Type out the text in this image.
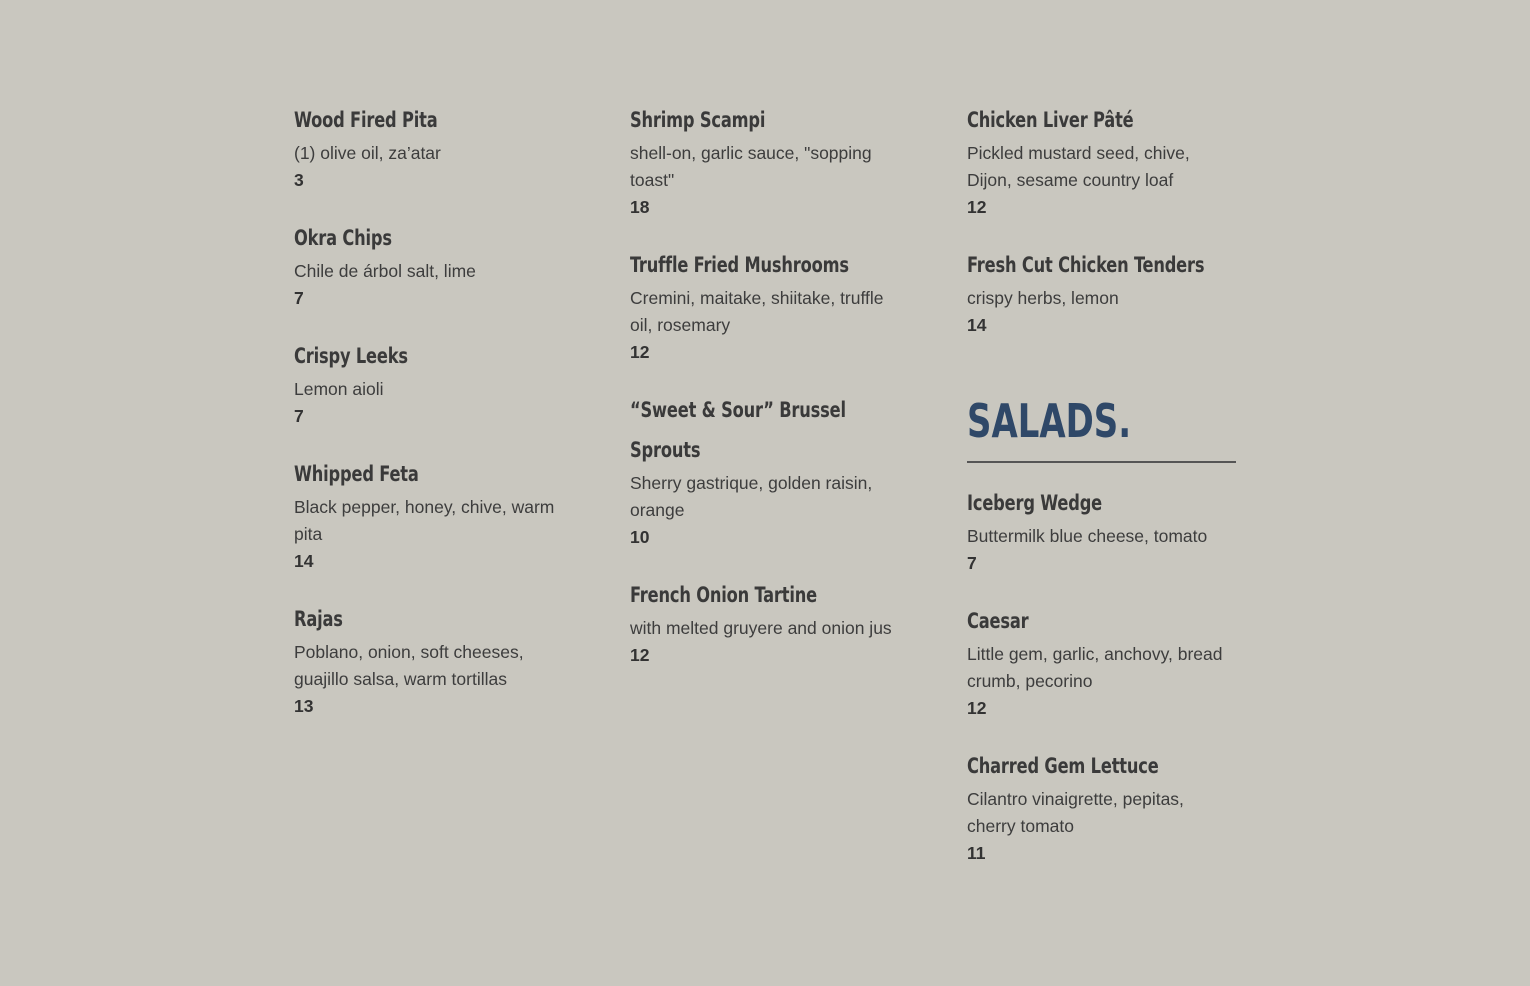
Wood Fired Pita
(1) olive oil, za’atar
3
Okra Chips
Chile de árbol salt, lime
7
Crispy Leeks
Lemon aioli
7
Whipped Feta
Black pepper, honey, chive, warm pita
14
Rajas
Poblano, onion, soft cheeses, guajillo salsa, warm tortillas
13
Shrimp Scampi
shell-on, garlic sauce, "sopping toast"
18
Truffle Fried Mushrooms
Cremini, maitake, shiitake, truffle oil, rosemary
12
“Sweet & Sour” Brussel Sprouts
Sherry gastrique, golden raisin, orange
10
French Onion Tartine
with melted gruyere and onion jus
12
Chicken Liver Pâté
Pickled mustard seed, chive, Dijon, sesame country loaf
12
Fresh Cut Chicken Tenders
crispy herbs, lemon
14
SALADS.
Iceberg Wedge
Buttermilk blue cheese, tomato
7
Caesar
Little gem, garlic, anchovy, bread crumb, pecorino
12
Charred Gem Lettuce
Cilantro vinaigrette, pepitas, cherry tomato
11
